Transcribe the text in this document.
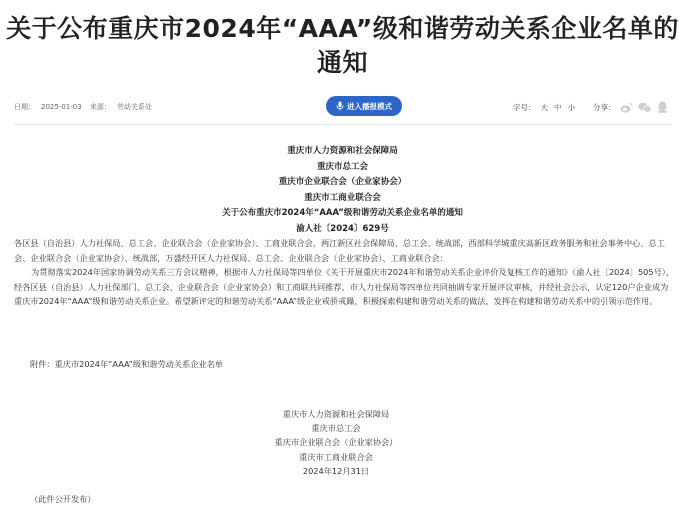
关于公布重庆市2024年“AAA”级和谐劳动关系企业名单的
通知
日期： 2025-01-03 来源： 劳动关系处	进入播报模式	字号： 大 中 小 分享：
重庆市人力资源和社会保障局
重庆市总工会
重庆市企业联合会（企业家协会）
重庆市工商业联合会
关于公布重庆市2024年“AAA”级和谐劳动关系企业名单的通知
渝人社〔2024〕629号

各区县（自治县）人力社保局、总工会、企业联合会（企业家协会）、工商业联合会，两江新区社会保障局、总工会、统战部，西部科学城重庆高新区政务服务和社会事务中心、总工会、企业联合会（企业家协会）、统战部，万盛经开区人力社保局、总工会、企业联合会（企业家协会）、工商业联合会：

为贯彻落实2024年国家协调劳动关系三方会议精神，根据市人力社保局等四单位《关于开展重庆市2024年和谐劳动关系企业评价及复核工作的通知》（渝人社〔2024〕505号），经各区县（自治县）人力社保部门、总工会、企业联合会（企业家协会）和工商联共同推荐，市人力社保局等四单位共同抽调专家开展评议审核，并经社会公示，认定120户企业成为重庆市2024年“AAA”级和谐劳动关系企业。希望新评定的和谐劳动关系“AAA”级企业戒骄戒躁，积极探索构建和谐劳动关系的做法，发挥在构建和谐劳动关系中的引领示范作用。

附件：重庆市2024年“AAA”级和谐劳动关系企业名单
重庆市人力资源和社会保障局
重庆市总工会
重庆市企业联合会（企业家协会）
重庆市工商业联合会
2024年12月31日
（此件公开发布）
